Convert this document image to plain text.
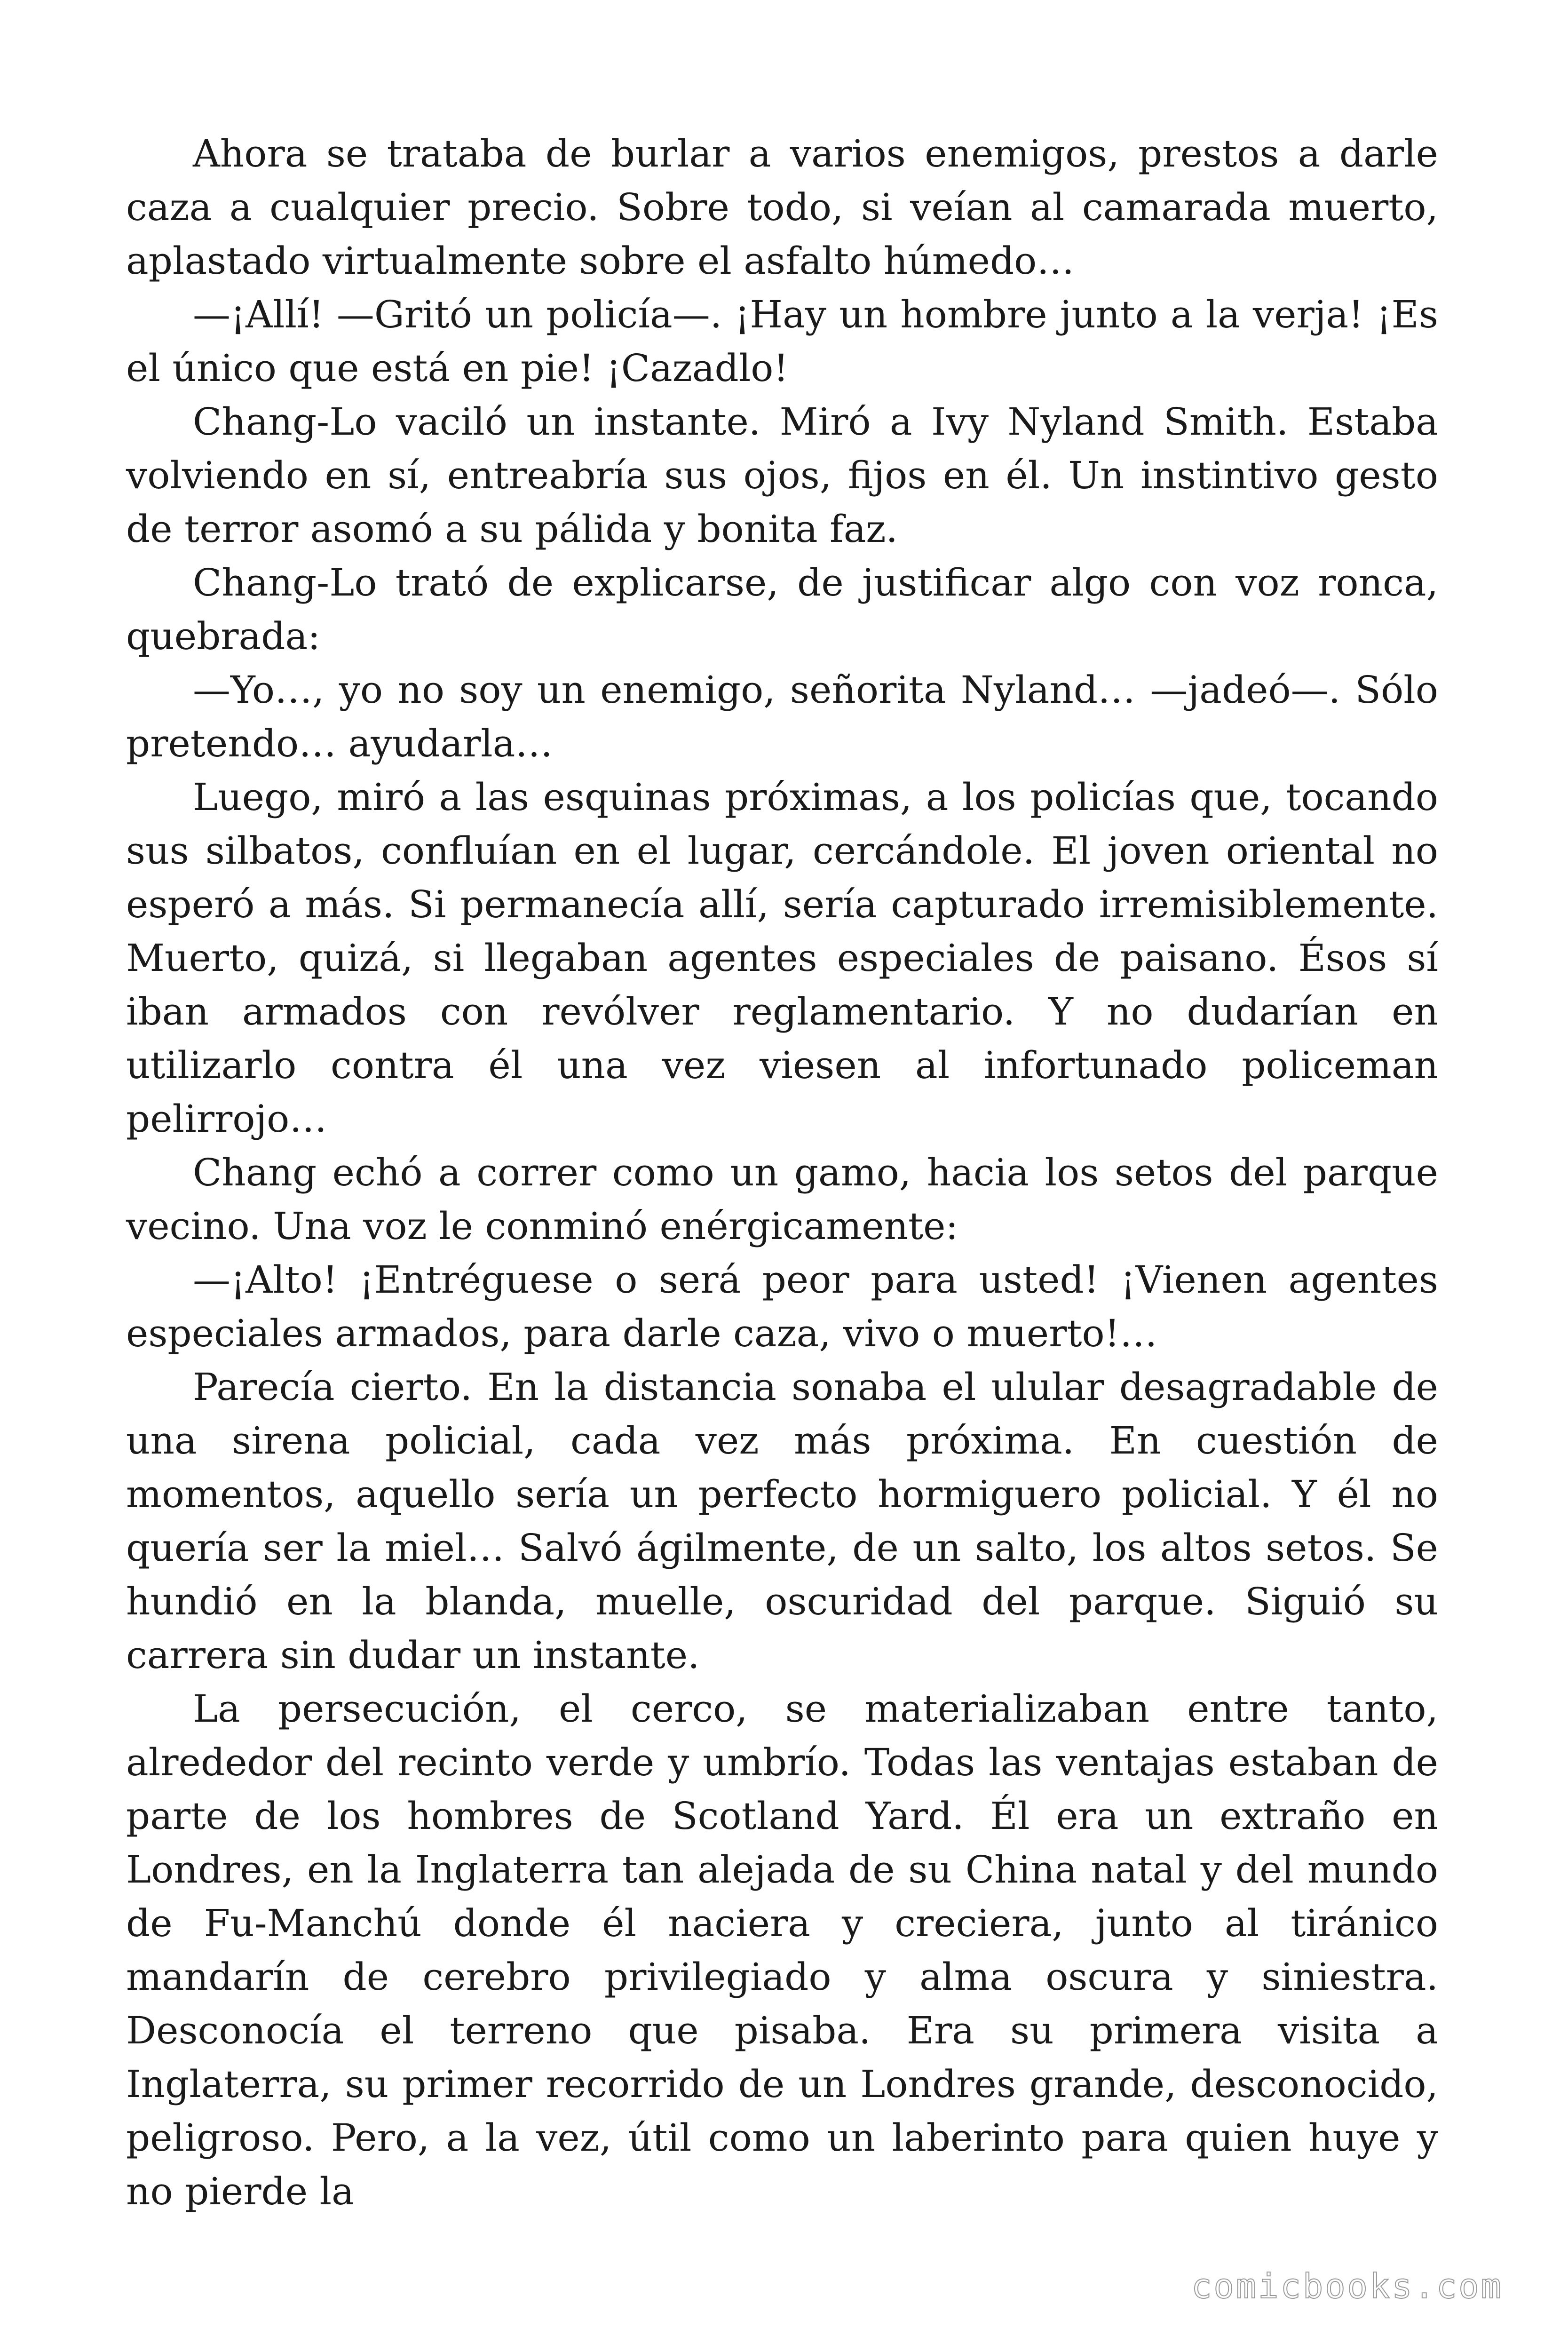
Ahora se trataba de burlar a varios enemigos, prestos a darle caza a cualquier precio. Sobre todo, si veían al camarada muerto, aplastado virtualmente sobre el asfalto húmedo…

—¡Allí! —Gritó un policía—. ¡Hay un hombre junto a la verja! ¡Es el único que está en pie! ¡Cazadlo!

Chang-Lo vaciló un instante. Miró a Ivy Nyland Smith. Estaba volviendo en sí, entreabría sus ojos, fijos en él. Un instintivo gesto de terror asomó a su pálida y bonita faz.

Chang-Lo trató de explicarse, de justificar algo con voz ronca, quebrada:

—Yo…, yo no soy un enemigo, señorita Nyland… —jadeó—. Sólo pretendo… ayudarla…

Luego, miró a las esquinas próximas, a los policías que, tocando sus silbatos, confluían en el lugar, cercándole. El joven oriental no esperó a más. Si permanecía allí, sería capturado irremisiblemente. Muerto, quizá, si llegaban agentes especiales de paisano. Ésos sí iban armados con revólver reglamentario. Y no dudarían en utilizarlo contra él una vez viesen al infortunado policeman pelirrojo…

Chang echó a correr como un gamo, hacia los setos del parque vecino. Una voz le conminó enérgicamente:

—¡Alto! ¡Entréguese o será peor para usted! ¡Vienen agentes especiales armados, para darle caza, vivo o muerto!…

Parecía cierto. En la distancia sonaba el ulular desagradable de una sirena policial, cada vez más próxima. En cuestión de momentos, aquello sería un perfecto hormiguero policial. Y él no quería ser la miel… Salvó ágilmente, de un salto, los altos setos. Se hundió en la blanda, muelle, oscuridad del parque. Siguió su carrera sin dudar un instante.

La persecución, el cerco, se materializaban entre tanto, alrededor del recinto verde y umbrío. Todas las ventajas estaban de parte de los hombres de Scotland Yard. Él era un extraño en Londres, en la Inglaterra tan alejada de su China natal y del mundo de Fu-Manchú donde él naciera y creciera, junto al tiránico mandarín de cerebro privilegiado y alma oscura y siniestra. Desconocía el terreno que pisaba. Era su primera visita a Inglaterra, su primer recorrido de un Londres grande, desconocido, peligroso. Pero, a la vez, útil como un laberinto para quien huye y no pierde la

comicbooks.com
